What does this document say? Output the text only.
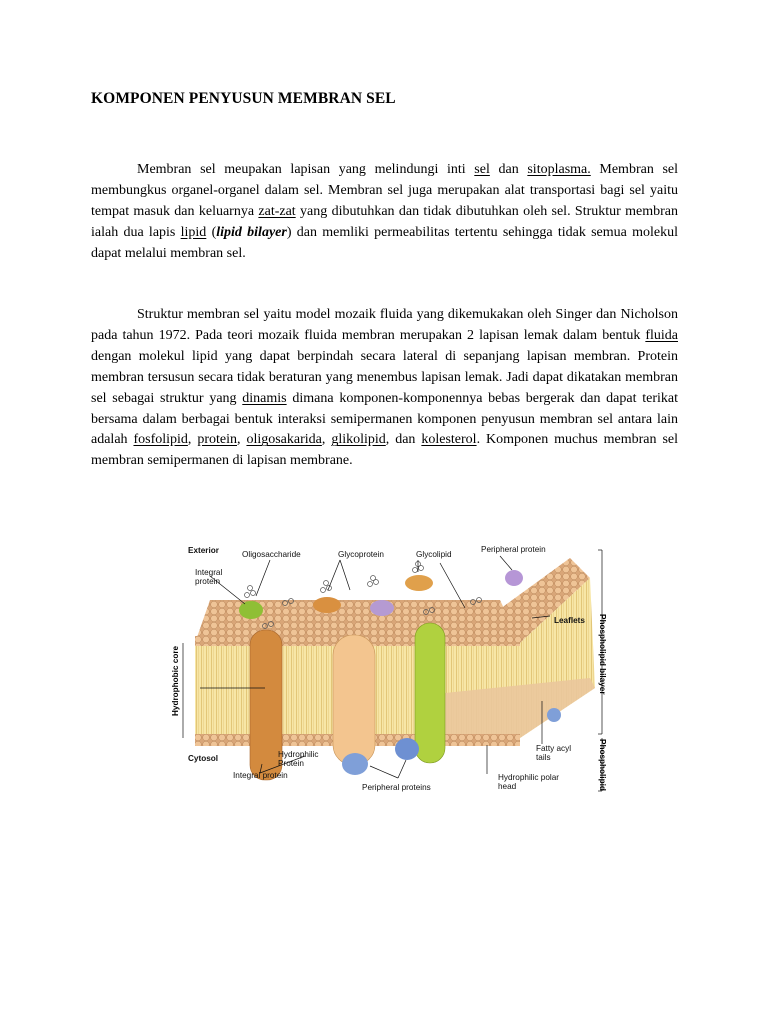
KOMPONEN PENYUSUN MEMBRAN SEL

Membran sel meupakan lapisan yang melindungi inti sel dan sitoplasma. Membran sel membungkus organel-organel dalam sel. Membran sel juga merupakan alat transportasi bagi sel yaitu tempat masuk dan keluarnya zat-zat yang dibutuhkan dan tidak dibutuhkan oleh sel. Struktur membran ialah dua lapis lipid (lipid bilayer) dan memliki permeabilitas tertentu sehingga tidak semua molekul dapat melalui membran sel.

Struktur membran sel yaitu model mozaik fluida yang dikemukakan oleh Singer dan Nicholson pada tahun 1972. Pada teori mozaik fluida membran merupakan 2 lapisan lemak dalam bentuk fluida dengan molekul lipid yang dapat berpindah secara lateral di sepanjang lapisan membran. Protein membran tersusun secara tidak beraturan yang menembus lapisan lemak. Jadi dapat dikatakan membran sel sebagai struktur yang dinamis dimana komponen-komponennya bebas bergerak dan dapat terikat bersama dalam berbagai bentuk interaksi semipermanen komponen penyusun membran sel antara lain adalah fosfolipid, protein, oligosakarida, glikolipid, dan kolesterol. Komponen muchus membran sel membran semipermanen di lapisan membrane.

Exterior	Oligosaccharide	Glycoprotein	Glycolipid
Peripheral protein
Integral
protein
Leaflets Phospholipid bilayer
Phospholipid
Hydrophobic core
Cytosol	Hydrophilic
Protein
Integral protein
Peripheral proteins
Fatty acyl
tails
Hydrophilic polar
head
